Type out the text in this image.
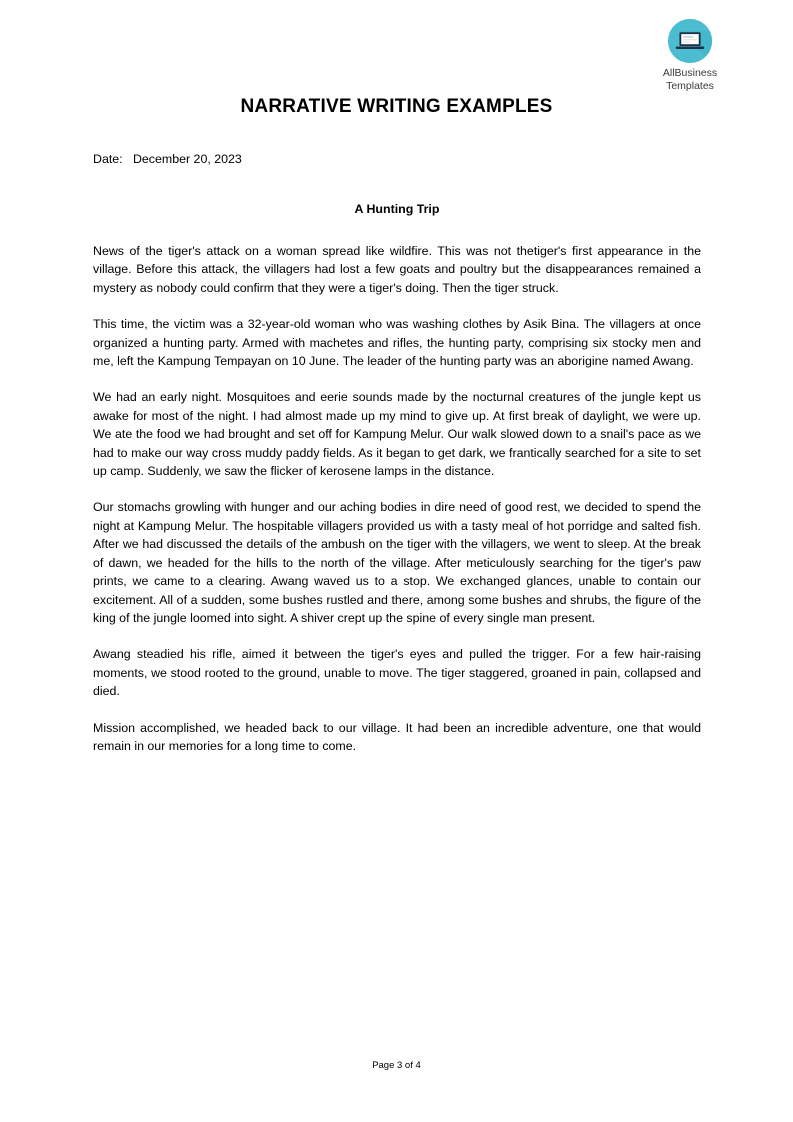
AllBusiness
Templates
NARRATIVE WRITING EXAMPLES
Date: December 20, 2023
A Hunting Trip

News of the tiger's attack on a woman spread like wildfire. This was not thetiger's first appearance in the village. Before this attack, the villagers had lost a few goats and poultry but the disappearances remained a mystery as nobody could confirm that they were a tiger's doing. Then the tiger struck.

This time, the victim was a 32-year-old woman who was washing clothes by Asik Bina. The villagers at once organized a hunting party. Armed with machetes and rifles, the hunting party, comprising six stocky men and me, left the Kampung Tempayan on 10 June. The leader of the hunting party was an aborigine named Awang.

We had an early night. Mosquitoes and eerie sounds made by the nocturnal creatures of the jungle kept us awake for most of the night. I had almost made up my mind to give up. At first break of daylight, we were up. We ate the food we had brought and set off for Kampung Melur. Our walk slowed down to a snail's pace as we had to make our way cross muddy paddy fields. As it began to get dark, we frantically searched for a site to set up camp. Suddenly, we saw the flicker of kerosene lamps in the distance.

Our stomachs growling with hunger and our aching bodies in dire need of good rest, we decided to spend the night at Kampung Melur. The hospitable villagers provided us with a tasty meal of hot porridge and salted fish. After we had discussed the details of the ambush on the tiger with the villagers, we went to sleep. At the break of dawn, we headed for the hills to the north of the village. After meticulously searching for the tiger's paw prints, we came to a clearing. Awang waved us to a stop. We exchanged glances, unable to contain our excitement. All of a sudden, some bushes rustled and there, among some bushes and shrubs, the figure of the king of the jungle loomed into sight. A shiver crept up the spine of every single man present.

Awang steadied his rifle, aimed it between the tiger's eyes and pulled the trigger. For a few hair-raising moments, we stood rooted to the ground, unable to move. The tiger staggered, groaned in pain, collapsed and died.

Mission accomplished, we headed back to our village. It had been an incredible adventure, one that would remain in our memories for a long time to come.

Page 3 of 4
